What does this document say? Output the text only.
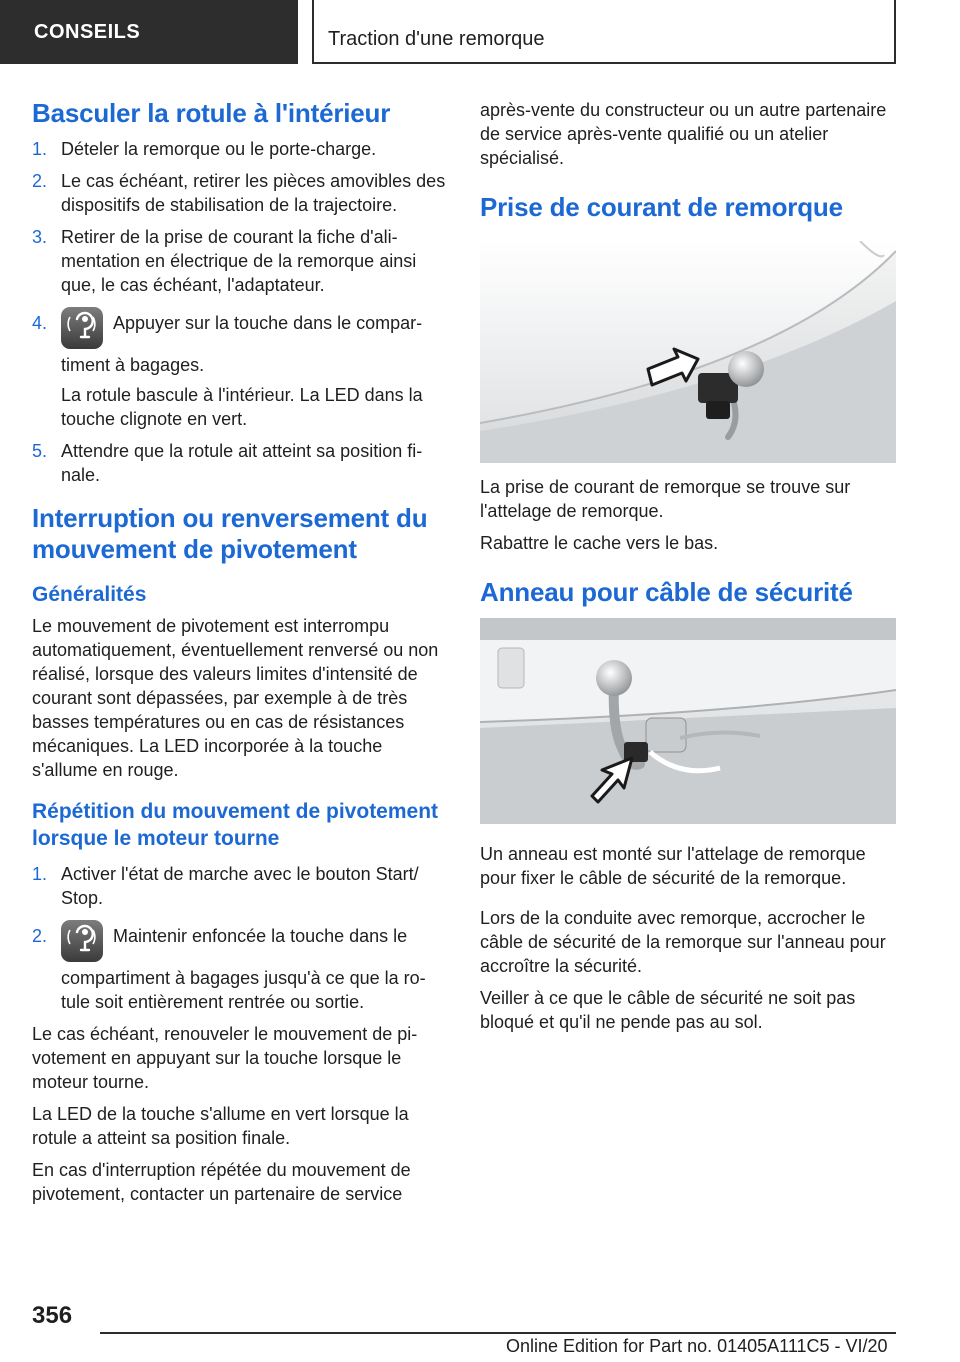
CONSEILS	Traction d'une remorque
Basculer la rotule à l'intérieur
1. Dételer la remorque ou le porte-charge.
2. Le cas échéant, retirer les pièces amovibles des dispositifs de stabilisation de la trajectoire.
3. Retirer de la prise de courant la fiche d'alimentation en électrique de la remorque ainsi que, le cas échéant, l'adaptateur.
4.	Appuyer sur la touche dans le compartiment à bagages.

La rotule bascule à l'intérieur. La LED dans la touche clignote en vert.

5. Attendre que la rotule ait atteint sa position finale.
Interruption ou renversement du mouvement de pivotement
Généralités

Le mouvement de pivotement est interrompu automatiquement, éventuellement renversé ou non réalisé, lorsque des valeurs limites d'intensité de courant sont dépassées, par exemple à de très basses températures ou en cas de résistances mécaniques. La LED incorporée à la touche s'allume en rouge.

Répétition du mouvement de pivotement lorsque le moteur tourne
1. Activer l'état de marche avec le bouton Start/ Stop.
2.	Maintenir enfoncée la touche dans le compartiment à bagages jusqu'à ce que la rotule soit entièrement rentrée ou sortie.

Le cas échéant, renouveler le mouvement de pivotement en appuyant sur la touche lorsque le moteur tourne.

La LED de la touche s'allume en vert lorsque la rotule a atteint sa position finale.

En cas d'interruption répétée du mouvement de pivotement, contacter un partenaire de service

après-vente du constructeur ou un autre partenaire de service après-vente qualifié ou un atelier spécialisé.

Prise de courant de remorque

La prise de courant de remorque se trouve sur l'attelage de remorque.

Rabattre le cache vers le bas.

Anneau pour câble de sécurité

Un anneau est monté sur l'attelage de remorque pour fixer le câble de sécurité de la remorque.

Lors de la conduite avec remorque, accrocher le câble de sécurité de la remorque sur l'anneau pour accroître la sécurité.

Veiller à ce que le câble de sécurité ne soit pas bloqué et qu'il ne pende pas au sol.

356
Online Edition for Part no. 01405A111C5 - VI/20
